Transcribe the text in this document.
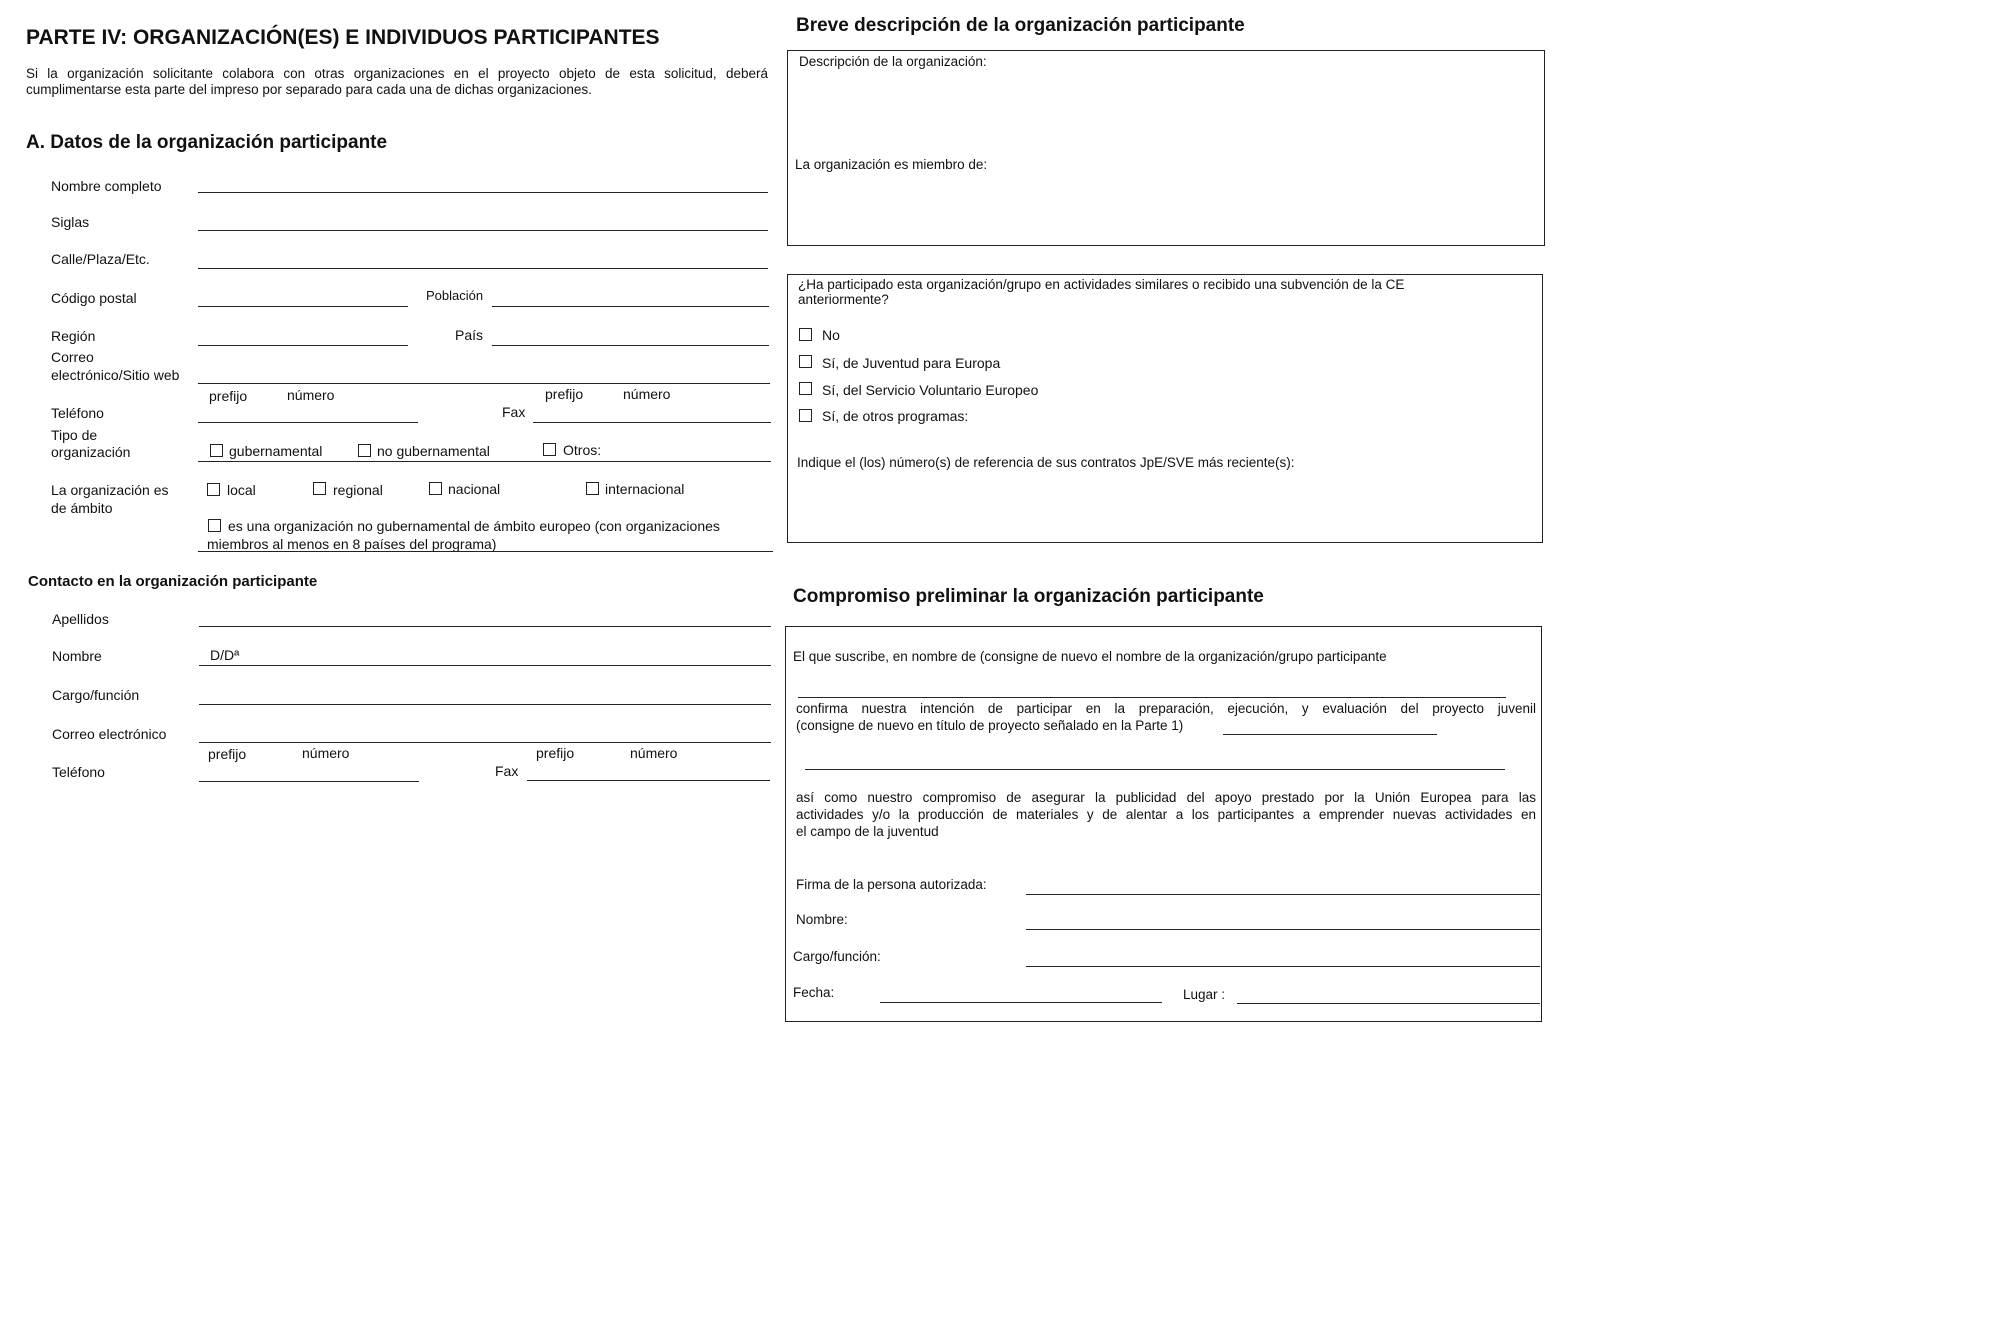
PARTE IV: ORGANIZACIÓN(ES) E INDIVIDUOS PARTICIPANTES
Si la organización solicitante colabora con otras organizaciones en el proyecto objeto de esta solicitud, deberá
cumplimentarse esta parte del impreso por separado para cada una de dichas organizaciones.
A. Datos de la organización participante
Nombre completo
Siglas
Calle/Plaza/Etc.
Código postal	Población
Región	País
Correo
electrónico/Sitio web
prefijo	número	prefijo	número
Teléfono	Fax
Tipo de
organización	gubernamental	no gubernamental	Otros:
La organización es
de ámbito
local	regional	nacional	internacional
es una organización no gubernamental de ámbito europeo (con organizaciones
miembros al menos en 8 países del programa)
Contacto en la organización participante
Apellidos
Nombre	D/Dª
Cargo/función
Correo electrónico
prefijo	número	prefijo	número
Teléfono	Fax
Breve descripción de la organización participante
Descripción de la organización:
La organización es miembro de:
¿Ha participado esta organización/grupo en actividades similares o recibido una subvención de la CE
anteriormente?
No
Sí, de Juventud para Europa
Sí, del Servicio Voluntario Europeo
Sí, de otros programas:
Indique el (los) número(s) de referencia de sus contratos JpE/SVE más reciente(s):
Compromiso preliminar la organización participante
El que suscribe, en nombre de (consigne de nuevo el nombre de la organización/grupo participante
confirma nuestra intención de participar en la preparación, ejecución, y evaluación del proyecto juvenil
(consigne de nuevo en título de proyecto señalado en la Parte 1)
así como nuestro compromiso de asegurar la publicidad del apoyo prestado por la Unión Europea para las
actividades y/o la producción de materiales y de alentar a los participantes a emprender nuevas actividades en
el campo de la juventud
Firma de la persona autorizada:
Nombre:
Cargo/función:
Fecha:	Lugar :
